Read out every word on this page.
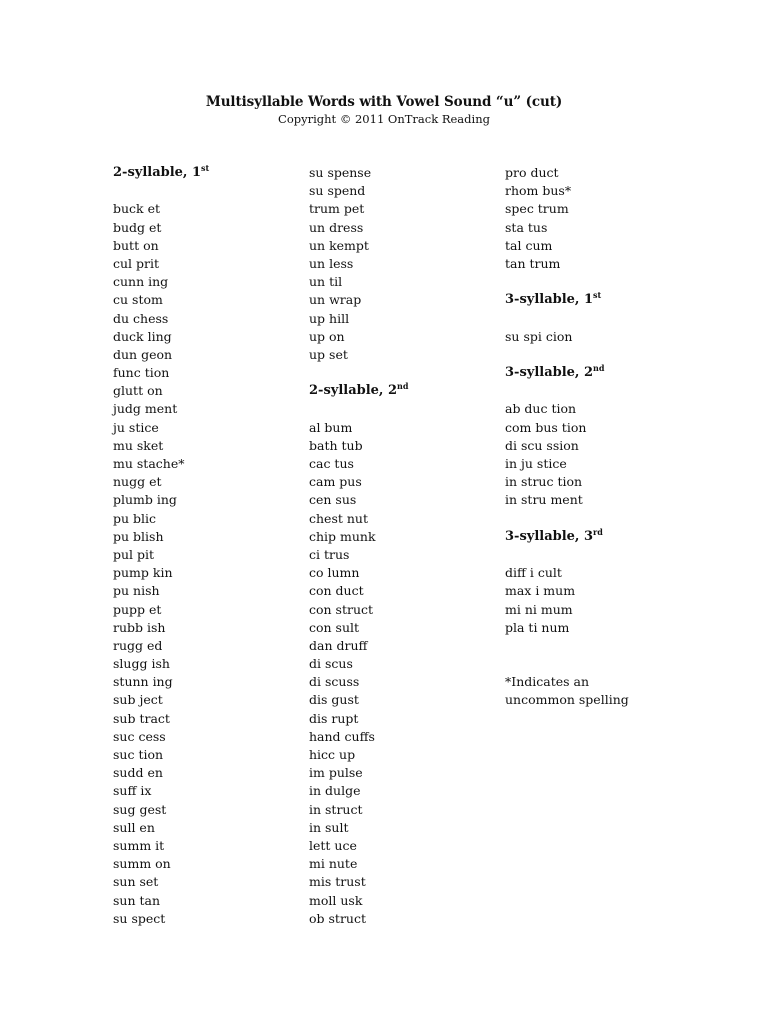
Multisyllable Words with Vowel Sound “u” (cut)
Copyright © 2011 OnTrack Reading
2-syllable, 1st
buck et
budg et
butt on
cul prit
cunn ing
cu stom
du chess
duck ling
dun geon
func tion
glutt on
judg ment
ju stice
mu sket
mu stache*
nugg et
plumb ing
pu blic
pu blish
pul pit
pump kin
pu nish
pupp et
rubb ish
rugg ed
slugg ish
stunn ing
sub ject
sub tract
suc cess
suc tion
sudd en
suff ix
sug gest
sull en
summ it
summ on
sun set
sun tan
su spect
su spense
su spend
trum pet
un dress
un kempt
un less
un til
un wrap
up hill
up on
up set
2-syllable, 2nd
al bum
bath tub
cac tus
cam pus
cen sus
chest nut
chip munk
ci trus
co lumn
con duct
con struct
con sult
dan druff
di scus
di scuss
dis gust
dis rupt
hand cuffs
hicc up
im pulse
in dulge
in struct
in sult
lett uce
mi nute
mis trust
moll usk
ob struct
pro duct
rhom bus*
spec trum
sta tus
tal cum
tan trum
3-syllable, 1st
su spi cion
3-syllable, 2nd
ab duc tion
com bus tion
di scu ssion
in ju stice
in struc tion
in stru ment
3-syllable, 3rd
diff i cult
max i mum
mi ni mum
pla ti num
*Indicates an
uncommon spelling
